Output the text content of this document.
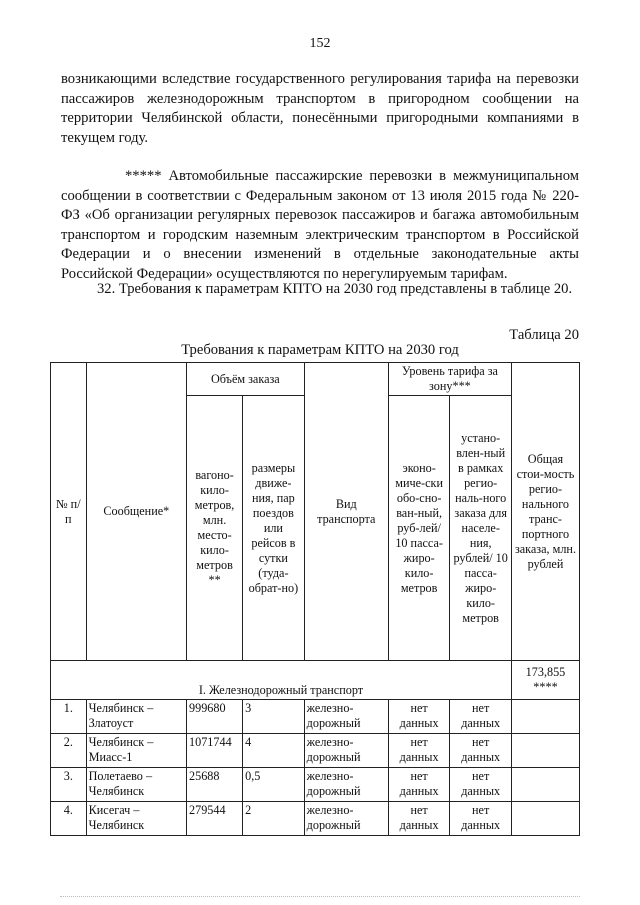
152

возникающими вследствие государственного регулирования тарифа на перевозки пассажиров железнодорожным транспортом в пригородном сообщении на территории Челябинской области, понесёнными пригородными компаниями в текущем году.

***** Автомобильные пассажирские перевозки в межмуниципальном сообщении в соответствии с Федеральным законом от 13 июля 2015 года № 220-ФЗ «Об организации регулярных перевозок пассажиров и багажа автомобильным транспортом и городским наземным электрическим транспортом в Российской Федерации и о внесении изменений в отдельные законодательные акты Российской Федерации» осуществляются по нерегулируемым тарифам.

32. Требования к параметрам КПТО на 2030 год представлены в таблице 20.

Таблица 20
Требования к параметрам КПТО на 2030 год
№ п/п	Сообщение*	Объём заказа		Вид транспорта	Уровень тарифа за зону***		Общая стои-мость регио-нального транс-портного заказа, млн. рублей
		вагоно-кило-метров, млн. место-кило-метров **	размеры движе-ния, пар поездов или рейсов в сутки (туда-обрат-но)		эконо-миче-ски обо-сно-ван-ный, руб-лей/ 10 пасса-жиро-кило-метров	устано-влен-ный в рамках регио-наль-ного заказа для населе-ния, рублей/ 10 пасса-жиро-кило-метров	
I. Железнодорожный транспорт							173,855
****

1.	Челябинск – Златоуст	999680	3	железно-дорожный	нет данных	нет данных	
2.	Челябинск – Миасс-1	1071744	4	железно-дорожный	нет данных	нет данных	
3.	Полетаево – Челябинск	25688	0,5	железно-дорожный	нет данных	нет данных	
4.	Кисегач – Челябинск	279544	2	железно-дорожный	нет данных	нет данных	
